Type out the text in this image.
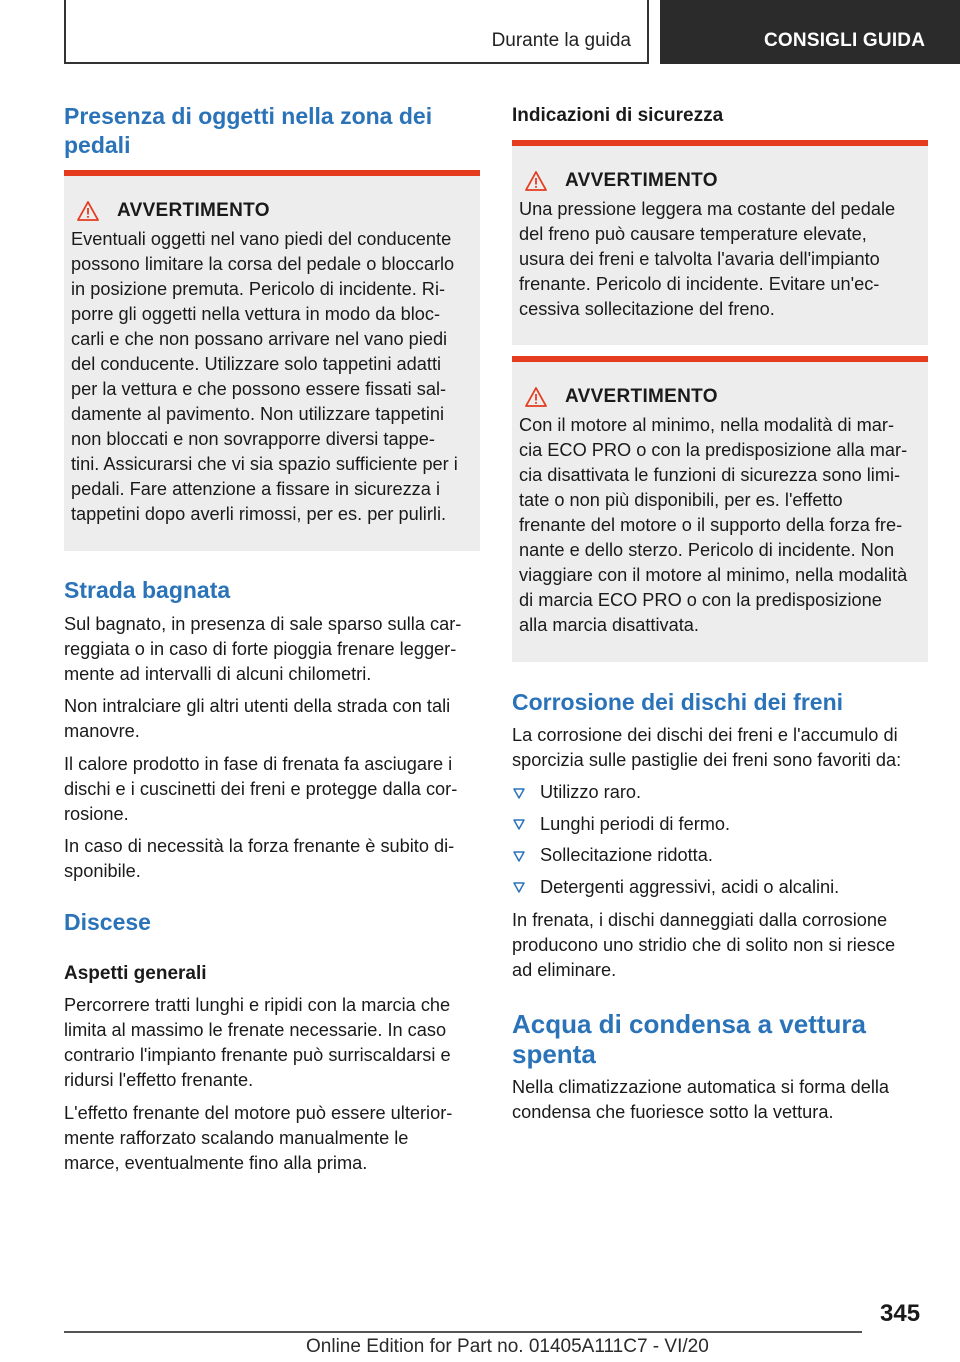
Durante la guida	CONSIGLI GUIDA
Presenza di oggetti nella zona dei
pedali
AVVERTIMENTO

Eventuali oggetti nel vano piedi del conducente
possono limitare la corsa del pedale o bloccarlo
in posizione premuta. Pericolo di incidente. Ri-
porre gli oggetti nella vettura in modo da bloc-
carli e che non possano arrivare nel vano piedi
del conducente. Utilizzare solo tappetini adatti
per la vettura e che possono essere fissati sal-
damente al pavimento. Non utilizzare tappetini
non bloccati e non sovrapporre diversi tappe-
tini. Assicurarsi che vi sia spazio sufficiente per i
pedali. Fare attenzione a fissare in sicurezza i
tappetini dopo averli rimossi, per es. per pulirli.

Strada bagnata

Sul bagnato, in presenza di sale sparso sulla car-
reggiata o in caso di forte pioggia frenare legger-
mente ad intervalli di alcuni chilometri.

Non intralciare gli altri utenti della strada con tali
manovre.

Il calore prodotto in fase di frenata fa asciugare i
dischi e i cuscinetti dei freni e protegge dalla cor-
rosione.

In caso di necessità la forza frenante è subito di-
sponibile.

Discese
Aspetti generali

Percorrere tratti lunghi e ripidi con la marcia che
limita al massimo le frenate necessarie. In caso
contrario l'impianto frenante può surriscaldarsi e
ridursi l'effetto frenante.

L'effetto frenante del motore può essere ulterior-
mente rafforzato scalando manualmente le
marce, eventualmente fino alla prima.

Indicazioni di sicurezza
AVVERTIMENTO

Una pressione leggera ma costante del pedale
del freno può causare temperature elevate,
usura dei freni e talvolta l'avaria dell'impianto
frenante. Pericolo di incidente. Evitare un'ec-
cessiva sollecitazione del freno.

AVVERTIMENTO

Con il motore al minimo, nella modalità di mar-
cia ECO PRO o con la predisposizione alla mar-
cia disattivata le funzioni di sicurezza sono limi-
tate o non più disponibili, per es. l'effetto
frenante del motore o il supporto della forza fre-
nante e dello sterzo. Pericolo di incidente. Non
viaggiare con il motore al minimo, nella modalità
di marcia ECO PRO o con la predisposizione
alla marcia disattivata.

Corrosione dei dischi dei freni

La corrosione dei dischi dei freni e l'accumulo di
sporcizia sulle pastiglie dei freni sono favoriti da:

Utilizzo raro.
Lunghi periodi di fermo.
Sollecitazione ridotta.
Detergenti aggressivi, acidi o alcalini.

In frenata, i dischi danneggiati dalla corrosione
producono uno stridio che di solito non si riesce
ad eliminare.

Acqua di condensa a vettura
spenta

Nella climatizzazione automatica si forma della
condensa che fuoriesce sotto la vettura.

345
Online Edition for Part no. 01405A111C7 - VI/20
